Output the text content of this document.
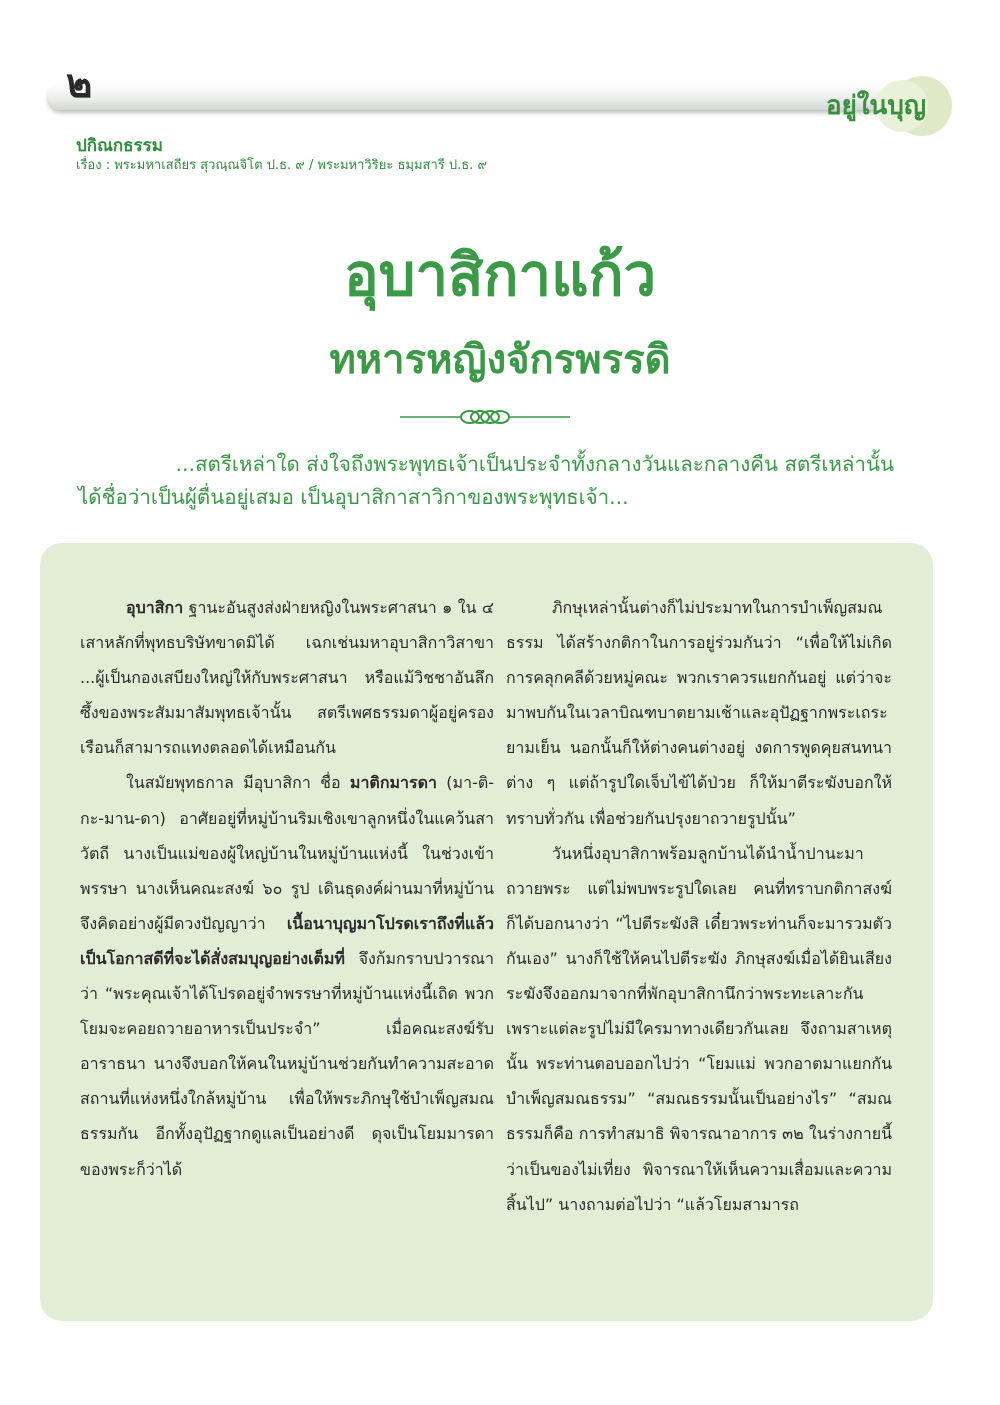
๒	อยู่ในบุญ
ปกิณกธรรม
เรื่อง : พระมหาเสถียร สุวณฺณจิโต ป.ธ. ๙ / พระมหาวิริยะ ธมฺมสารี ป.ธ. ๙
อุบาสิกาแก้ว
ทหารหญิงจักรพรรดิ

...สตรีเหล่าใด ส่งใจถึงพระพุทธเจ้าเป็นประจำทั้งกลางวันและกลางคืน สตรีเหล่านั้น

ได้ชื่อว่าเป็นผู้ตื่นอยู่เสมอ เป็นอุบาสิกาสาวิกาของพระพุทธเจ้า...

อุบาสิกา ฐานะอันสูงส่งฝ่ายหญิงในพระศาสนา ๑ ใน ๔ เสาหลักที่พุทธบริษัทขาดมิได้ เฉกเช่นมหาอุบาสิกาวิสาขา ...ผู้เป็นกองเสบียงใหญ่ให้กับพระศาสนา หรือแม้วิชชาอันลึกซึ้งของพระสัมมาสัมพุทธเจ้านั้น สตรีเพศธรรมดาผู้อยู่ครองเรือนก็สามารถแทงตลอดได้เหมือนกัน

ในสมัยพุทธกาล มีอุบาสิกา ชื่อ มาติกมารดา (มา-ติ-กะ-มาน-ดา) อาศัยอยู่ที่หมู่บ้านริมเชิงเขาลูกหนึ่งในแคว้นสาวัตถี นางเป็นแม่ของผู้ใหญ่บ้านในหมู่บ้านแห่งนี้ ในช่วงเข้าพรรษา นางเห็นคณะสงฆ์ ๖๐ รูป เดินธุดงค์ผ่านมาที่หมู่บ้าน จึงคิดอย่างผู้มีดวงปัญญาว่า เนื้อนาบุญมาโปรดเราถึงที่แล้ว เป็นโอกาสดีที่จะได้สั่งสมบุญอย่างเต็มที่ จึงก้มกราบปวารณาว่า “พระคุณเจ้าได้โปรดอยู่จำพรรษาที่หมู่บ้านแห่งนี้เถิด พวกโยมจะคอยถวายอาหารเป็นประจำ” เมื่อคณะสงฆ์รับอาราธนา นางจึงบอกให้คนในหมู่บ้านช่วยกันทำความสะอาดสถานที่แห่งหนึ่งใกล้หมู่บ้าน เพื่อให้พระภิกษุใช้บำเพ็ญสมณธรรมกัน อีกทั้งอุปัฏฐากดูแลเป็นอย่างดี ดุจเป็นโยมมารดาของพระก็ว่าได้

ภิกษุเหล่านั้นต่างก็ไม่ประมาทในการบำเพ็ญสมณธรรม ได้สร้างกติกาในการอยู่ร่วมกันว่า “เพื่อให้ไม่เกิดการคลุกคลีด้วยหมู่คณะ พวกเราควรแยกกันอยู่ แต่ว่าจะมาพบกันในเวลาบิณฑบาตยามเช้าและอุปัฏฐากพระเถระยามเย็น นอกนั้นก็ให้ต่างคนต่างอยู่ งดการพูดคุยสนทนาต่าง ๆ แต่ถ้ารูปใดเจ็บไข้ได้ป่วย ก็ให้มาตีระฆังบอกให้ทราบทั่วกัน เพื่อช่วยกันปรุงยาถวายรูปนั้น”

วันหนึ่งอุบาสิกาพร้อมลูกบ้านได้นำน้ำปานะมาถวายพระ แต่ไม่พบพระรูปใดเลย คนที่ทราบกติกาสงฆ์ก็ได้บอกนางว่า “ไปตีระฆังสิ เดี๋ยวพระท่านก็จะมารวมตัวกันเอง” นางก็ใช้ให้คนไปตีระฆัง ภิกษุสงฆ์เมื่อได้ยินเสียงระฆังจึงออกมาจากที่พักอุบาสิกานึกว่าพระทะเลาะกัน เพราะแต่ละรูปไม่มีใครมาทางเดียวกันเลย จึงถามสาเหตุนั้น พระท่านตอบออกไปว่า “โยมแม่ พวกอาตมาแยกกันบำเพ็ญสมณธรรม” “สมณธรรมนั้นเป็นอย่างไร” “สมณธรรมก็คือ การทำสมาธิ พิจารณาอาการ ๓๒ ในร่างกายนี้ว่าเป็นของไม่เที่ยง พิจารณาให้เห็นความเสื่อมและความสิ้นไป” นางถามต่อไปว่า “แล้วโยมสามารถ
